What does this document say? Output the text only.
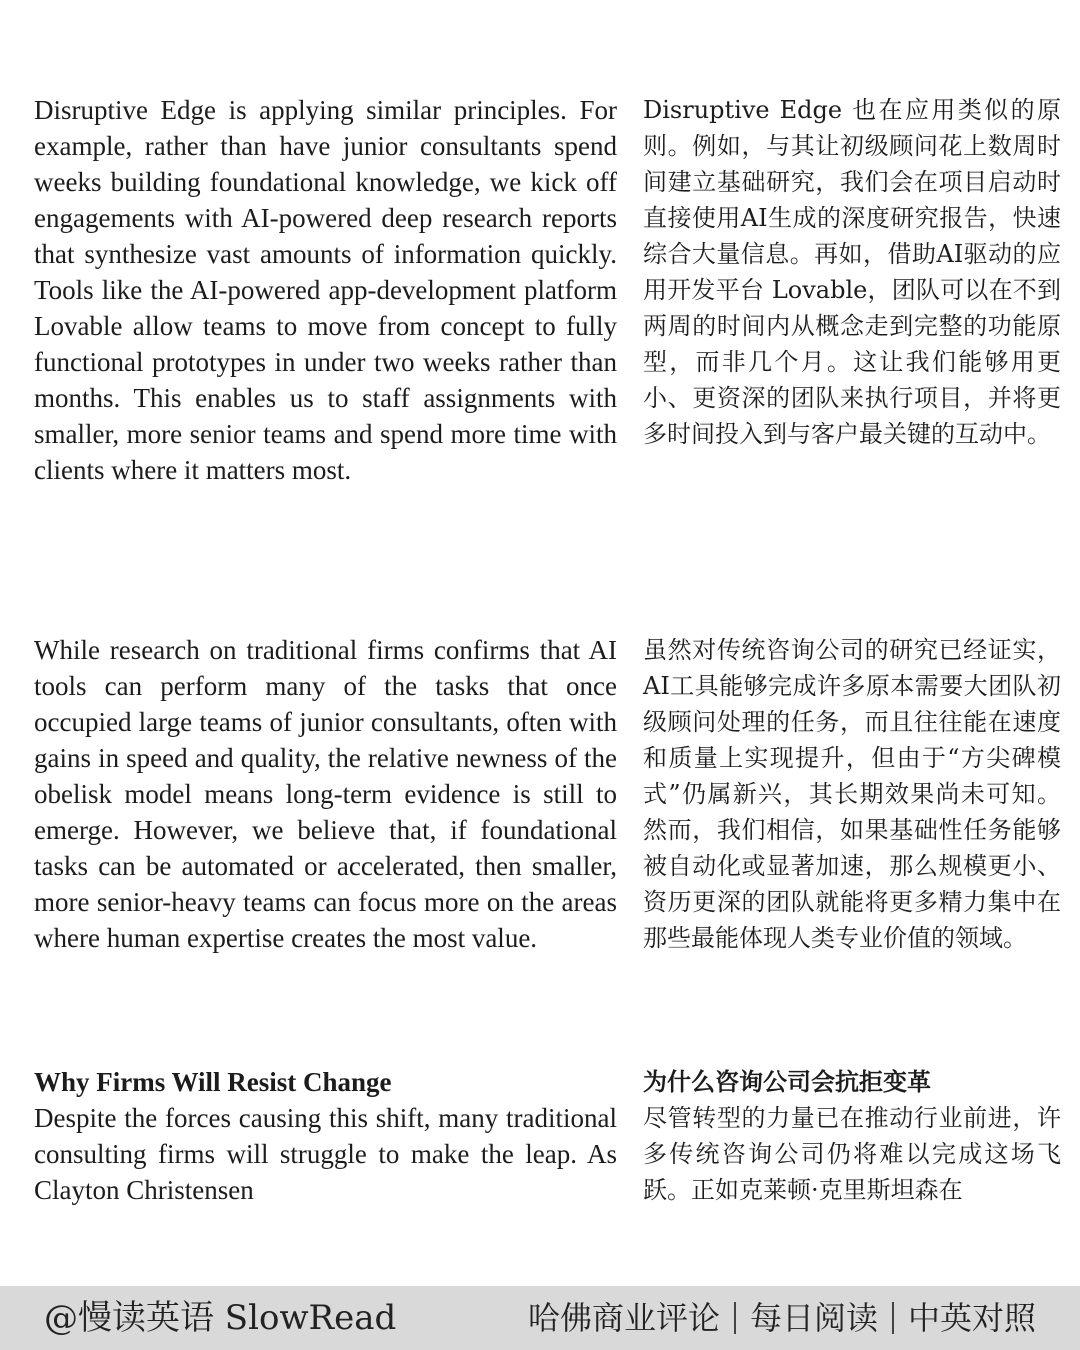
Disruptive Edge is applying similar principles. For example, rather than have junior consultants spend weeks building foundational knowledge, we kick off engagements with AI-powered deep research reports that synthesize vast amounts of information quickly. Tools like the AI-powered app-development platform Lovable allow teams to move from concept to fully functional prototypes in under two weeks rather than months. This enables us to staff assignments with smaller, more senior teams and spend more time with clients where it matters most.

Disruptive Edge 也在应用类似的原则。例如，与其让初级顾问花上数周时间建立基础研究，我们会在项目启动时直接使用AI生成的深度研究报告，快速综合大量信息。再如，借助AI驱动的应用开发平台 Lovable，团队可以在不到两周的时间内从概念走到完整的功能原型，而非几个月。这让我们能够用更小、更资深的团队来执行项目，并将更多时间投入到与客户最关键的互动中。

While research on traditional firms confirms that AI tools can perform many of the tasks that once occupied large teams of junior consultants, often with gains in speed and quality, the relative newness of the obelisk model means long-term evidence is still to emerge. However, we believe that, if foundational tasks can be automated or accelerated, then smaller, more senior-heavy teams can focus more on the areas where human expertise creates the most value.

虽然对传统咨询公司的研究已经证实，AI工具能够完成许多原本需要大团队初级顾问处理的任务，而且往往能在速度和质量上实现提升，但由于“方尖碑模式”仍属新兴，其长期效果尚未可知。然而，我们相信，如果基础性任务能够被自动化或显著加速，那么规模更小、资历更深的团队就能将更多精力集中在那些最能体现人类专业价值的领域。

Why Firms Will Resist Change
Despite the forces causing this shift, many traditional consulting firms will struggle to make the leap. As Clayton Christensen
为什么咨询公司会抗拒变革
尽管转型的力量已在推动行业前进，许多传统咨询公司仍将难以完成这场飞跃。正如克莱顿·克里斯坦森在
@慢读英语 SlowRead	哈佛商业评论 每日阅读 中英对照
